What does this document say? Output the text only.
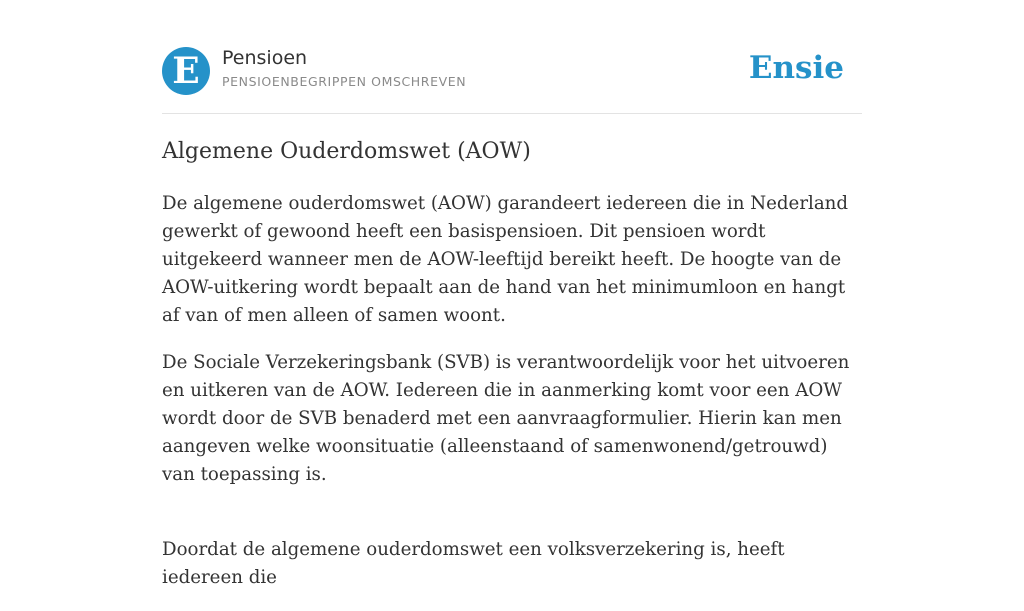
E	Pensioen
PENSIOENBEGRIPPEN OMSCHREVEN	Ensie
Algemene Ouderdomswet (AOW)

De algemene ouderdomswet (AOW) garandeert iedereen die in Nederland gewerkt of gewoond heeft een basispensioen. Dit pensioen wordt uitgekeerd wanneer men de AOW-leeftijd bereikt heeft. De hoogte van de AOW-uitkering wordt bepaalt aan de hand van het minimumloon en hangt af van of men alleen of samen woont.

De Sociale Verzekeringsbank (SVB) is verantwoordelijk voor het uitvoeren en uitkeren van de AOW. Iedereen die in aanmerking komt voor een AOW wordt door de SVB benaderd met een aanvraagformulier. Hierin kan men aangeven welke woonsituatie (alleenstaand of samenwonend/getrouwd) van toepassing is.

Doordat de algemene ouderdomswet een volksverzekering is, heeft iedereen die
